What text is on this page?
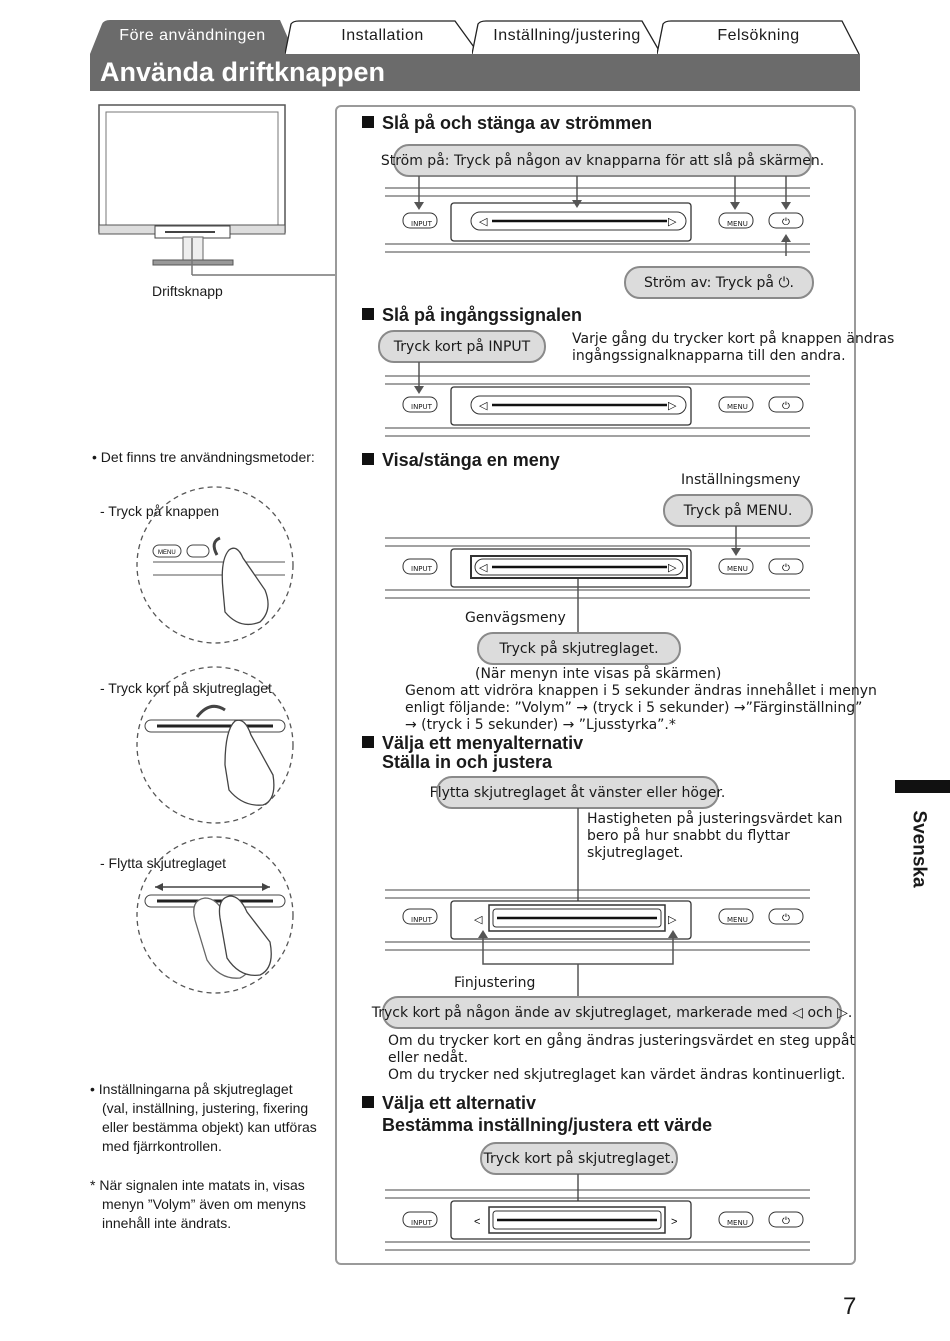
Före användningen	Installation	Inställning/justering	Felsökning
Använda driftknappen
Driftsknapp
• Det finns tre användningsmetoder:
- Tryck på knappen
- Tryck kort på skjutreglaget
- Flytta skjutreglaget
MENU
• Inställningarna på skjutreglaget
(val, inställning, justering, fixering
eller bestämma objekt) kan utföras
med fjärrkontrollen.
* När signalen inte matats in, visas
menyn ”Volym” även om menyns
innehåll inte ändrats.
Slå på och stänga av strömmen
Ström på: Tryck på någon av knapparna för att slå på skärmen.
◁	▷	⏻
INPUT	MENU
Ström av: Tryck på
⏻ .
Slå på ingångssignalen
Tryck kort på INPUT	Varje gång du trycker kort på knappen ändras
ingångssignalknapparna till den andra.
◁	▷	⏻
INPUT	MENU
Visa/stänga en meny
Inställningsmeny
Tryck på MENU.
◁	▷	⏻
INPUT	MENU
Genvägsmeny
Tryck på skjutreglaget.
(När menyn inte visas på skärmen)
Genom att vidröra knappen i 5 sekunder ändras innehållet i menyn
enligt följande: ”Volym” → (tryck i 5 sekunder) →”Färginställning”
→ (tryck i 5 sekunder) → ”Ljusstyrka”.*
Välja ett menyalternativ
Ställa in och justera
Flytta skjutreglaget åt vänster eller höger.
Hastigheten på justeringsvärdet kan
bero på hur snabbt du flyttar
skjutreglaget.
◁	▷	⏻
INPUT	MENU
Finjustering
Tryck kort på någon ände av skjutreglaget, markerade med ◁ och ▷.
Om du trycker kort en gång ändras justeringsvärdet en steg uppåt
eller nedåt.
Om du trycker ned skjutreglaget kan värdet ändras kontinuerligt.
Välja ett alternativ
Bestämma inställning/justera ett värde
Tryck kort på skjutreglaget.
<	>	⏻
INPUT	MENU
Svenska
7
